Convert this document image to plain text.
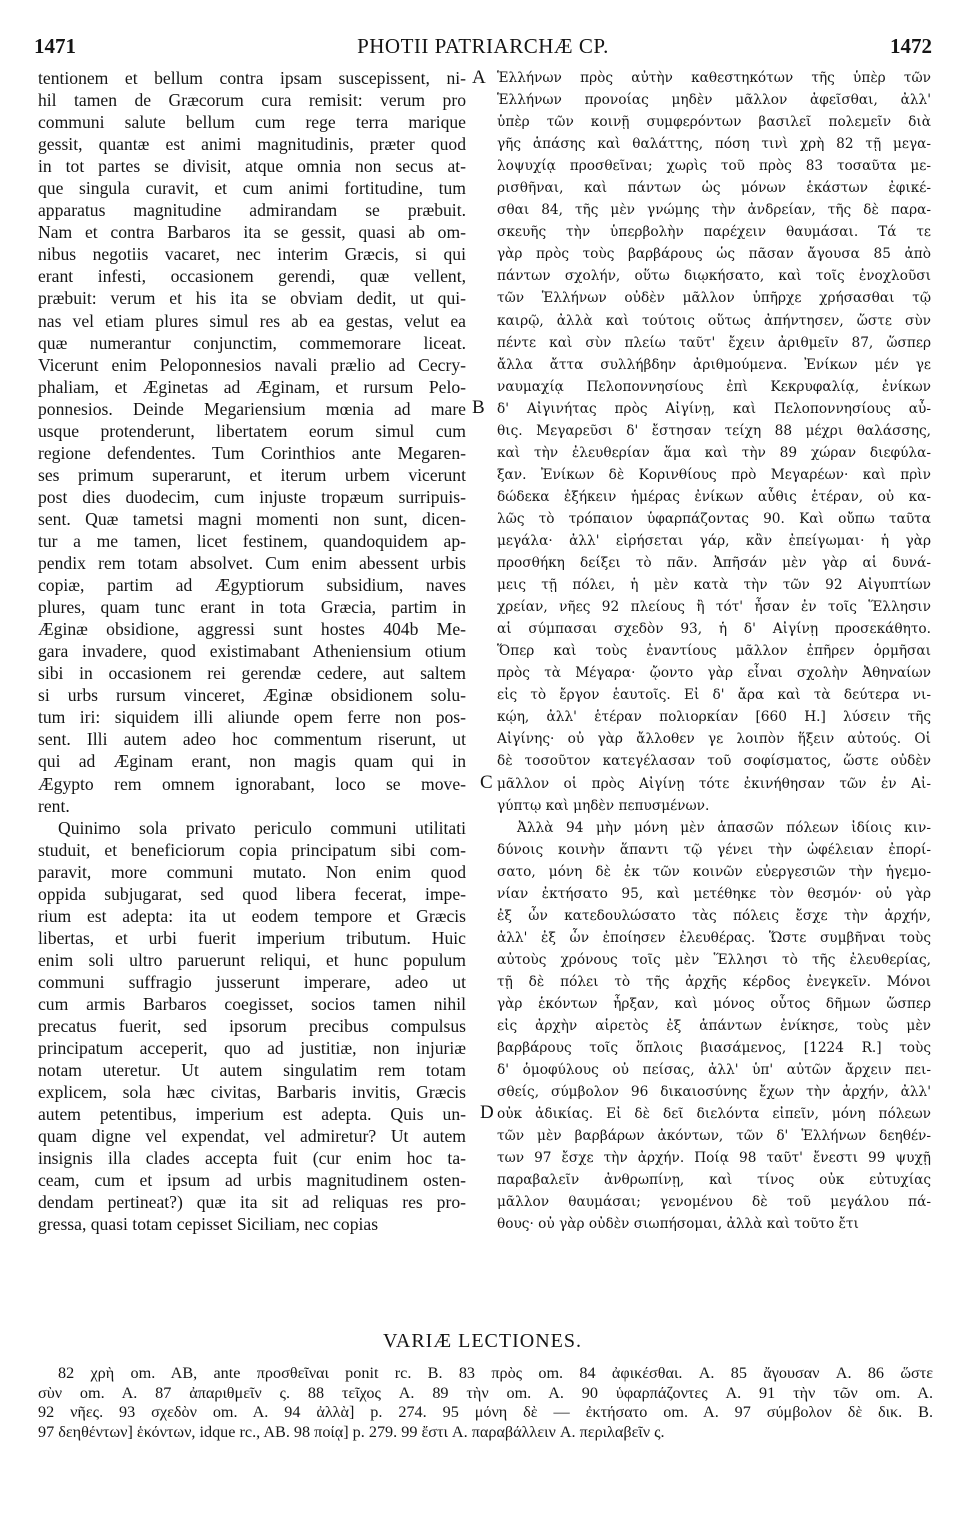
1471	PHOTII PATRIARCHÆ CP.	1472
tentionem et bellum contra ipsam suscepissent, ni-
hil tamen de Græcorum cura remisit: verum pro
communi salute bellum cum rege terra marique
gessit, quantæ est animi magnitudinis, præter quod
in tot partes se divisit, atque omnia non secus at-
que singula curavit, et cum animi fortitudine, tum
apparatus magnitudine admirandam se præbuit.
Nam et contra Barbaros ita se gessit, quasi ab om-
nibus negotiis vacaret, nec interim Græcis, si qui
erant infesti, occasionem gerendi, quæ vellent,
præbuit: verum et his ita se obviam dedit, ut qui-
nas vel etiam plures simul res ab ea gestas, velut ea
quæ numerantur conjunctim, commemorare liceat.
Vicerunt enim Peloponnesios navali prælio ad Cecry-
phaliam, et Æginetas ad Æginam, et rursum Pelo-
ponnesios. Deinde Megariensium mœnia ad mare
usque protenderunt, libertatem eorum simul cum
regione defendentes. Tum Corinthios ante Megaren-
ses primum superarunt, et iterum urbem vicerunt
post dies duodecim, cum injuste tropæum surripuis-
sent. Quæ tametsi magni momenti non sunt, dicen-
tur a me tamen, licet festinem, quandoquidem ap-
pendix rem totam absolvet. Cum enim abessent urbis
copiæ, partim ad Ægyptiorum subsidium, naves
plures, quam tunc erant in tota Græcia, partim in
Æginæ obsidione, aggressi sunt hostes 404b Me-
gara invadere, quod existimabant Atheniensium otium
sibi in occasionem rei gerendæ cedere, aut saltem
si urbs rursum vinceret, Æginæ obsidionem solu-
tum iri: siquidem illi aliunde opem ferre non pos-
sent. Illi autem adeo hoc commentum riserunt, ut
qui ad Æginam erant, non magis quam qui in
Ægypto rem omnem ignorabant, loco se move-
rent.
Quinimo sola privato periculo communi utilitati
studuit, et beneficiorum copia principatum sibi com-
paravit, more communi mutato. Non enim quod
oppida subjugarat, sed quod libera fecerat, impe-
rium est adepta: ita ut eodem tempore et Græcis
libertas, et urbi fuerit imperium tributum. Huic
enim soli ultro paruerunt reliqui, et hunc populum
communi suffragio jusserunt imperare, adeo ut
cum armis Barbaros coegisset, socios tamen nihil
precatus fuerit, sed ipsorum precibus compulsus
principatum acceperit, quo ad justitiæ, non injuriæ
notam uteretur. Ut autem singulatim rem totam
explicem, sola hæc civitas, Barbaris invitis, Græcis
autem petentibus, imperium est adepta. Quis un-
quam digne vel expendat, vel admiretur? Ut autem
insignis illa clades accepta fuit (cur enim hoc ta-
ceam, cum et ipsum ad urbis magnitudinem osten-
dendam pertineat?) quæ ita sit ad reliquas res pro-
gressa, quasi totam cepisset Siciliam, nec copias
Ἑλλήνων πρὸς αὐτὴν καθεστηκότων τῆς ὑπὲρ τῶν
Ἑλλήνων προνοίας μηδὲν μᾶλλον ἀφεῖσθαι, ἀλλ'
ὑπὲρ τῶν κοινῇ συμφερόντων βασιλεῖ πολεμεῖν διὰ
γῆς ἁπάσης καὶ θαλάττης, πόση τινὶ χρὴ 82 τῇ μεγα-
λοψυχίᾳ προσθεῖναι; χωρὶς τοῦ πρὸς 83 τοσαῦτα με-
ρισθῆναι, καὶ πάντων ὡς μόνων ἑκάστων ἐφικέ-
σθαι 84, τῆς μὲν γνώμης τὴν ἀνδρείαν, τῆς δὲ παρα-
σκευῆς τὴν ὑπερβολὴν παρέχειν θαυμάσαι. Τά τε
γὰρ πρὸς τοὺς βαρβάρους ὡς πᾶσαν ἄγουσα 85 ἀπὸ
πάντων σχολήν, οὕτω διῳκήσατο, καὶ τοῖς ἐνοχλοῦσι
τῶν Ἑλλήνων οὐδὲν μᾶλλον ὑπῆρχε χρήσασθαι τῷ
καιρῷ, ἀλλὰ καὶ τούτοις οὕτως ἀπήντησεν, ὥστε σὺν
πέντε καὶ σὺν πλείω ταῦτ' ἔχειν ἀριθμεῖν 87, ὥσπερ
ἄλλα ἄττα συλλήβδην ἀριθμούμενα. Ἐνίκων μέν γε
ναυμαχίᾳ Πελοποννησίους ἐπὶ Κεκρυφαλίᾳ, ἐνίκων
δ' Αἰγινήτας πρὸς Αἰγίνῃ, καὶ Πελοποννησίους αὖ-
θις. Μεγαρεῦσι δ' ἔστησαν τείχη 88 μέχρι θαλάσσης,
καὶ τὴν ἐλευθερίαν ἅμα καὶ τὴν 89 χώραν διεφύλα-
ξαν. Ἐνίκων δὲ Κορινθίους πρὸ Μεγαρέων· καὶ πρὶν
δώδεκα ἐξήκειν ἡμέρας ἐνίκων αὖθις ἑτέραν, οὐ κα-
λῶς τὸ τρόπαιον ὑφαρπάζοντας 90. Καὶ οὔπω ταῦτα
μεγάλα· ἀλλ' εἰρήσεται γάρ, κἂν ἐπείγωμαι· ἡ γὰρ
προσθήκη δείξει τὸ πᾶν. Ἀπῆσάν μὲν γὰρ αἱ δυνά-
μεις τῇ πόλει, ἡ μὲν κατὰ τὴν τῶν 92 Αἰγυπτίων
χρείαν, νῆες 92 πλείους ἢ τότ' ἦσαν ἐν τοῖς Ἕλλησιν
αἱ σύμπασαι σχεδὸν 93, ἡ δ' Αἰγίνῃ προσεκάθητο.
Ὅπερ καὶ τοὺς ἐναντίους μᾶλλον ἐπῆρεν ὁρμῆσαι
πρὸς τὰ Μέγαρα· ᾤοντο γὰρ εἶναι σχολὴν Ἀθηναίων
εἰς τὸ ἔργον ἑαυτοῖς. Εἰ δ' ἄρα καὶ τὰ δεύτερα νι-
κῴη, ἀλλ' ἑτέραν πολιορκίαν [660 H.] λύσειν τῆς
Αἰγίνης· οὐ γὰρ ἄλλοθεν γε λοιπὸν ἥξειν αὐτούς. Οἱ
δὲ τοσοῦτον κατεγέλασαν τοῦ σοφίσματος, ὥστε οὐδὲν
μᾶλλον οἱ πρὸς Αἰγίνῃ τότε ἐκινήθησαν τῶν ἐν Αἰ-
γύπτῳ καὶ μηδὲν πεπυσμένων.
Ἀλλὰ 94 μὴν μόνη μὲν ἁπασῶν πόλεων ἰδίοις κιν-
δύνοις κοινὴν ἅπαντι τῷ γένει τὴν ὠφέλειαν ἐπορί-
σατο, μόνη δὲ ἐκ τῶν κοινῶν εὐεργεσιῶν τὴν ἡγεμο-
νίαν ἐκτήσατο 95, καὶ μετέθηκε τὸν θεσμόν· οὐ γὰρ
ἐξ ὧν κατεδουλώσατο τὰς πόλεις ἔσχε τὴν ἀρχήν,
ἀλλ' ἐξ ὧν ἐποίησεν ἐλευθέρας. Ὥστε συμβῆναι τοὺς
αὐτοὺς χρόνους τοῖς μὲν Ἕλλησι τὸ τῆς ἐλευθερίας,
τῇ δὲ πόλει τὸ τῆς ἀρχῆς κέρδος ἐνεγκεῖν. Μόνοι
γὰρ ἑκόντων ἦρξαν, καὶ μόνος οὗτος δῆμων ὥσπερ
εἰς ἀρχὴν αἱρετὸς ἐξ ἁπάντων ἐνίκησε, τοὺς μὲν
βαρβάρους τοῖς ὅπλοις βιασάμενος, [1224 R.] τοὺς
δ' ὁμοφύλους οὐ πείσας, ἀλλ' ὑπ' αὐτῶν ἄρχειν πει-
σθείς, σύμβολον 96 δικαιοσύνης ἔχων τὴν ἀρχήν, ἀλλ'
οὐκ ἀδικίας. Εἰ δὲ δεῖ διελόντα εἰπεῖν, μόνη πόλεων
τῶν μὲν βαρβάρων ἀκόντων, τῶν δ' Ἑλλήνων δεηθέν-
των 97 ἔσχε τὴν ἀρχήν. Ποίᾳ 98 ταῦτ' ἔνεστι 99 ψυχῇ
παραβαλεῖν ἀνθρωπίνῃ, καὶ τίνος οὐκ εὐτυχίας
μᾶλλον θαυμάσαι; γενομένου δὲ τοῦ μεγάλου πά-
θους· οὐ γὰρ οὐδὲν σιωπήσομαι, ἀλλὰ καὶ τοῦτο ἔτι
A
B
C
D
VARIÆ LECTIONES.
82 χρὴ om. AB, ante προσθεῖναι ponit rc. B. 83 πρὸς om. 84 ἀφικέσθαι. A. 85 ἄγουσαν A. 86 ὥστε
σὺν om. A. 87 ἀπαριθμεῖν ς. 88 τεῖχος A. 89 τὴν om. A. 90 ὑφαρπάζοντες A. 91 τὴν τῶν om. A.
92 νῆες. 93 σχεδὸν om. A. 94 ἀλλὰ] p. 274. 95 μόνη δὲ — ἐκτήσατο om. A. 97 σύμβολον δὲ δικ. B.
97 δεηθέντων] ἑκόντων, idque rc., AB. 98 ποίᾳ] p. 279. 99 ἔστι A. παραβάλλειν A. περιλαβεῖν ς.
